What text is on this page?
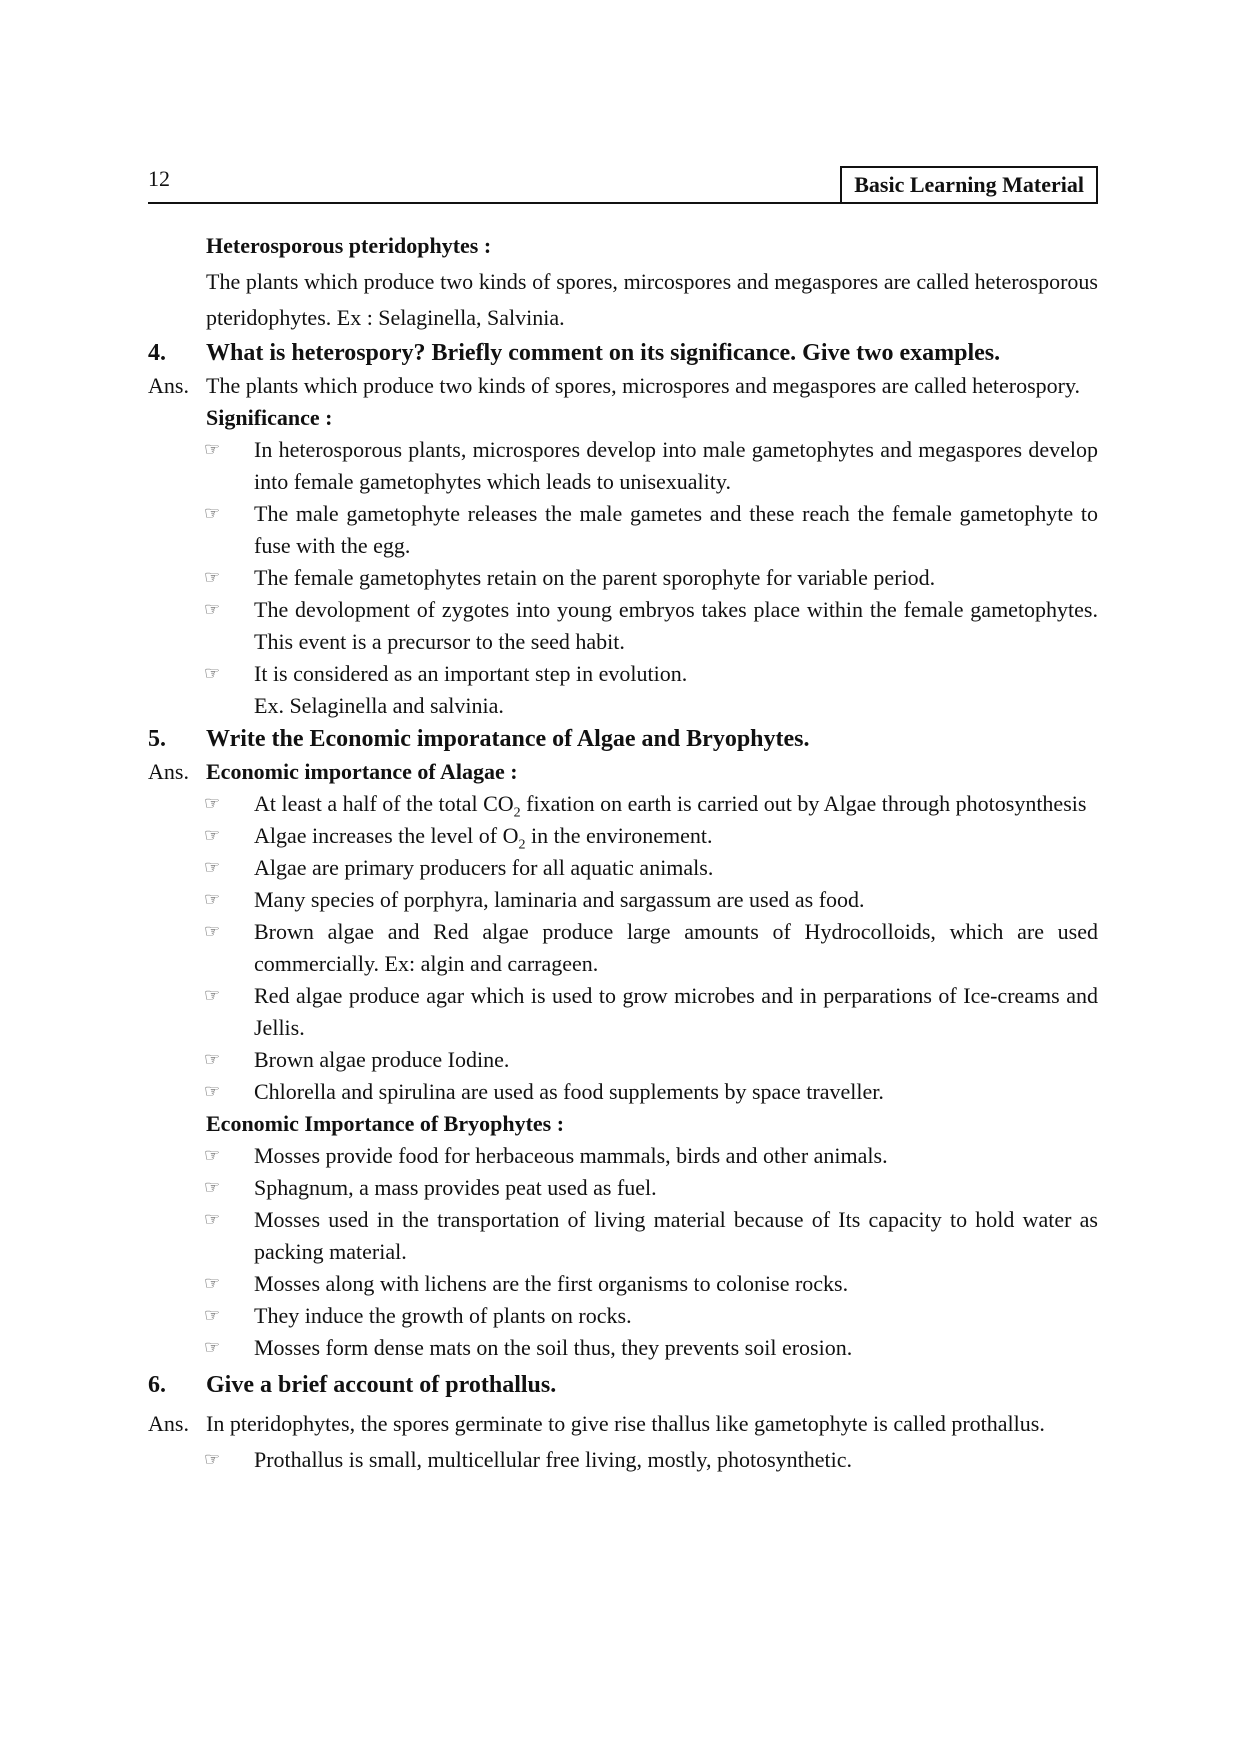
12	Basic Learning Material
Heterosporous pteridophytes :
The plants which produce two kinds of spores, mircospores and megaspores are called heterosporous pteridophytes. Ex : Selaginella, Salvinia.
4. What is heterospory? Briefly comment on its significance. Give two examples.
Ans. The plants which produce two kinds of spores, microspores and megaspores are called heterospory.
Significance :
☞ In heterosporous plants, microspores develop into male gametophytes and megaspores develop into female gametophytes which leads to unisexuality.
☞ The male gametophyte releases the male gametes and these reach the female gametophyte to fuse with the egg.
☞ The female gametophytes retain on the parent sporophyte for variable period.
☞ The devolopment of zygotes into young embryos takes place within the female gametophytes. This event is a precursor to the seed habit.
☞ It is considered as an important step in evolution.
Ex. Selaginella and salvinia.
5. Write the Economic imporatance of Algae and Bryophytes.
Ans. Economic importance of Alagae :
☞ At least a half of the total $CO_2$ fixation on earth is carried out by Algae through photosynthesis
☞ Algae increases the level of $O_2$ in the environement.
☞ Algae are primary producers for all aquatic animals.
☞ Many species of porphyra, laminaria and sargassum are used as food.
☞ Brown algae and Red algae produce large amounts of Hydrocolloids, which are used commercially. Ex: algin and carrageen.
☞ Red algae produce agar which is used to grow microbes and in perparations of Ice-creams and Jellis.
☞ Brown algae produce Iodine.
☞ Chlorella and spirulina are used as food supplements by space traveller.
Economic Importance of Bryophytes :
☞ Mosses provide food for herbaceous mammals, birds and other animals.
☞ Sphagnum, a mass provides peat used as fuel.
☞ Mosses used in the transportation of living material because of Its capacity to hold water as packing material.
☞ Mosses along with lichens are the first organisms to colonise rocks.
☞ They induce the growth of plants on rocks.
☞ Mosses form dense mats on the soil thus, they prevents soil erosion.
6. Give a brief account of prothallus.
Ans. In pteridophytes, the spores germinate to give rise thallus like gametophyte is called prothallus.
☞ Prothallus is small, multicellular free living, mostly, photosynthetic.
